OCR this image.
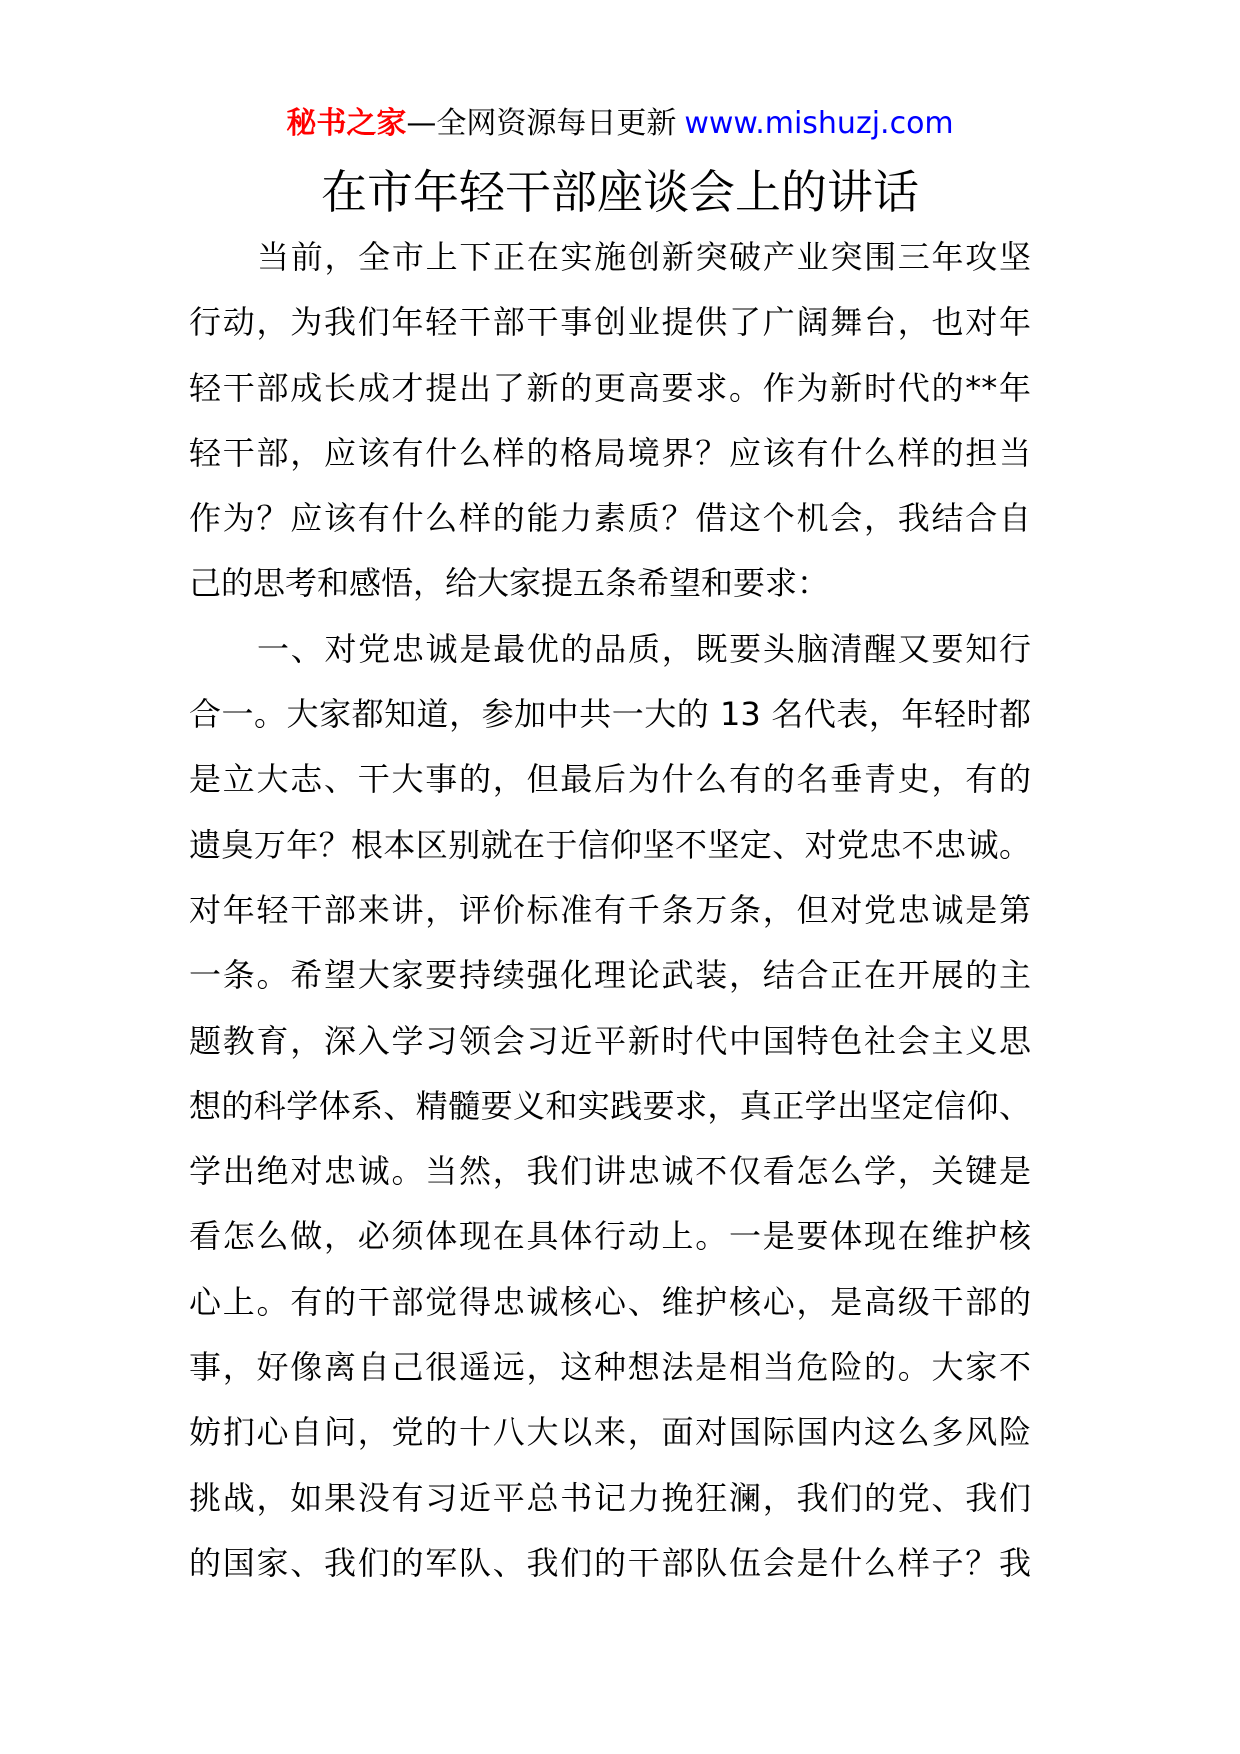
秘书之家—全网资源每日更新 www.mishuzj.com
在市年轻干部座谈会上的讲话
当前，全市上下正在实施创新突破产业突围三年攻坚
行动，为我们年轻干部干事创业提供了广阔舞台，也对年
轻干部成长成才提出了新的更高要求。作为新时代的**年
轻干部，应该有什么样的格局境界？应该有什么样的担当
作为？应该有什么样的能力素质？借这个机会，我结合自
己的思考和感悟，给大家提五条希望和要求：
一、对党忠诚是最优的品质，既要头脑清醒又要知行
合一。大家都知道，参加中共一大的 13 名代表，年轻时都
是立大志、干大事的，但最后为什么有的名垂青史，有的
遗臭万年？根本区别就在于信仰坚不坚定、对党忠不忠诚。
对年轻干部来讲，评价标准有千条万条，但对党忠诚是第
一条。希望大家要持续强化理论武装，结合正在开展的主
题教育，深入学习领会习近平新时代中国特色社会主义思
想的科学体系、精髓要义和实践要求，真正学出坚定信仰、
学出绝对忠诚。当然，我们讲忠诚不仅看怎么学，关键是
看怎么做，必须体现在具体行动上。一是要体现在维护核
心上。有的干部觉得忠诚核心、维护核心，是高级干部的
事，好像离自己很遥远，这种想法是相当危险的。大家不
妨扪心自问，党的十八大以来，面对国际国内这么多风险
挑战，如果没有习近平总书记力挽狂澜，我们的党、我们
的国家、我们的军队、我们的干部队伍会是什么样子？我
